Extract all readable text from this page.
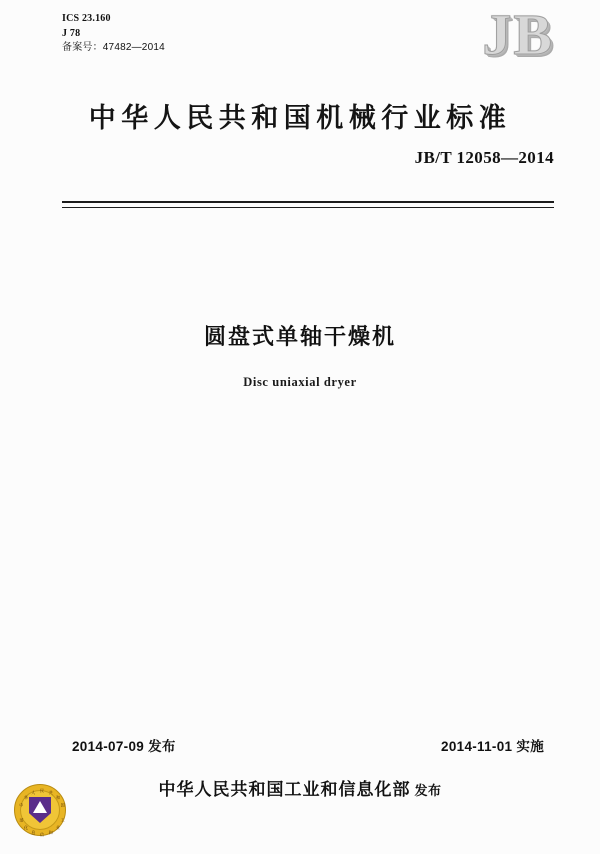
ICS 23.160
J 78
备案号：47482—2014	JB
中华人民共和国机械行业标准
JB/T 12058—2014
圆盘式单轴干燥机
Disc uniaxial dryer
2014-07-09 发布	2014-11-01 实施
中华人民共和国工业和信息化部 发布
中
华
人 民 共
和
国
工
业
和
信
息
化
部
